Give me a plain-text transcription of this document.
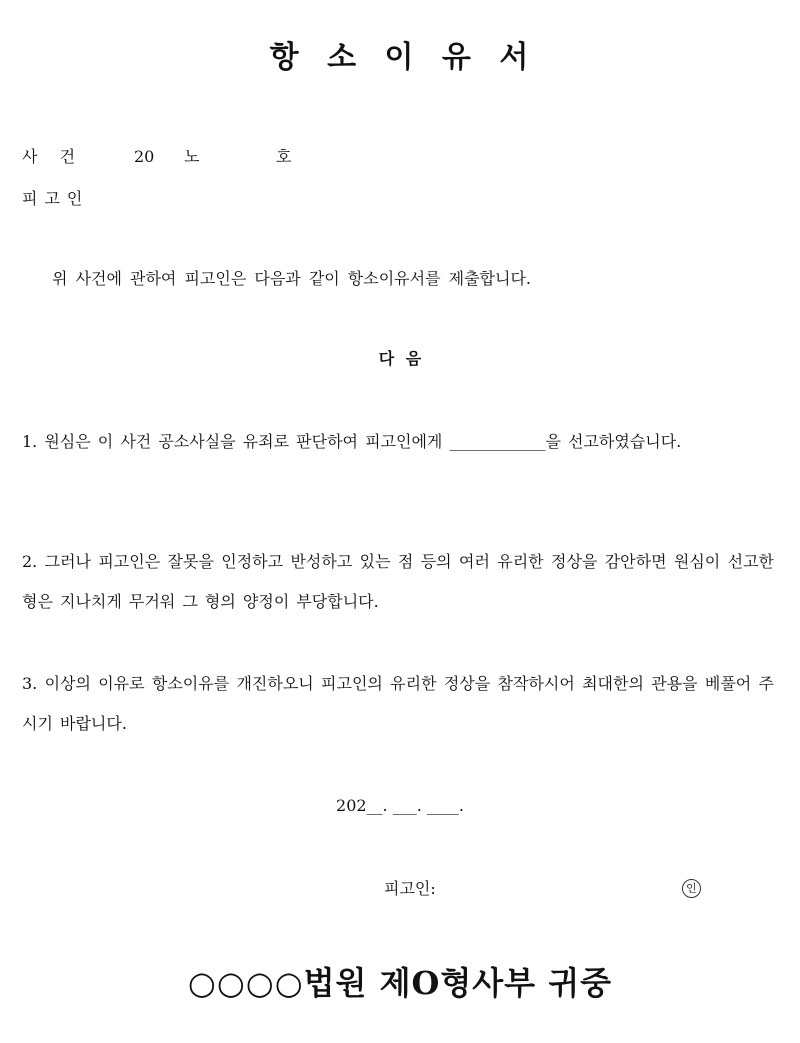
항 소 이 유 서
사  건	20 노	호
피고인
위 사건에 관하여 피고인은 다음과 같이 항소이유서를 제출합니다.
다 음
1. 원심은 이 사건 공소사실을 유죄로 판단하여 피고인에게 ____________을 선고하였습니다.
2. 그러나 피고인은 잘못을 인정하고 반성하고 있는 점 등의 여러 유리한 정상을 감안하면 원심이 선고한 형은 지나치게 무거워 그 형의 양정이 부당합니다.
3. 이상의 이유로 항소이유를 개진하오니 피고인의 유리한 정상을 참작하시어 최대한의 관용을 베풀어 주시기 바랍니다.
202__. ___. ____.
피고인:	인
○○○○법원 제O형사부 귀중
